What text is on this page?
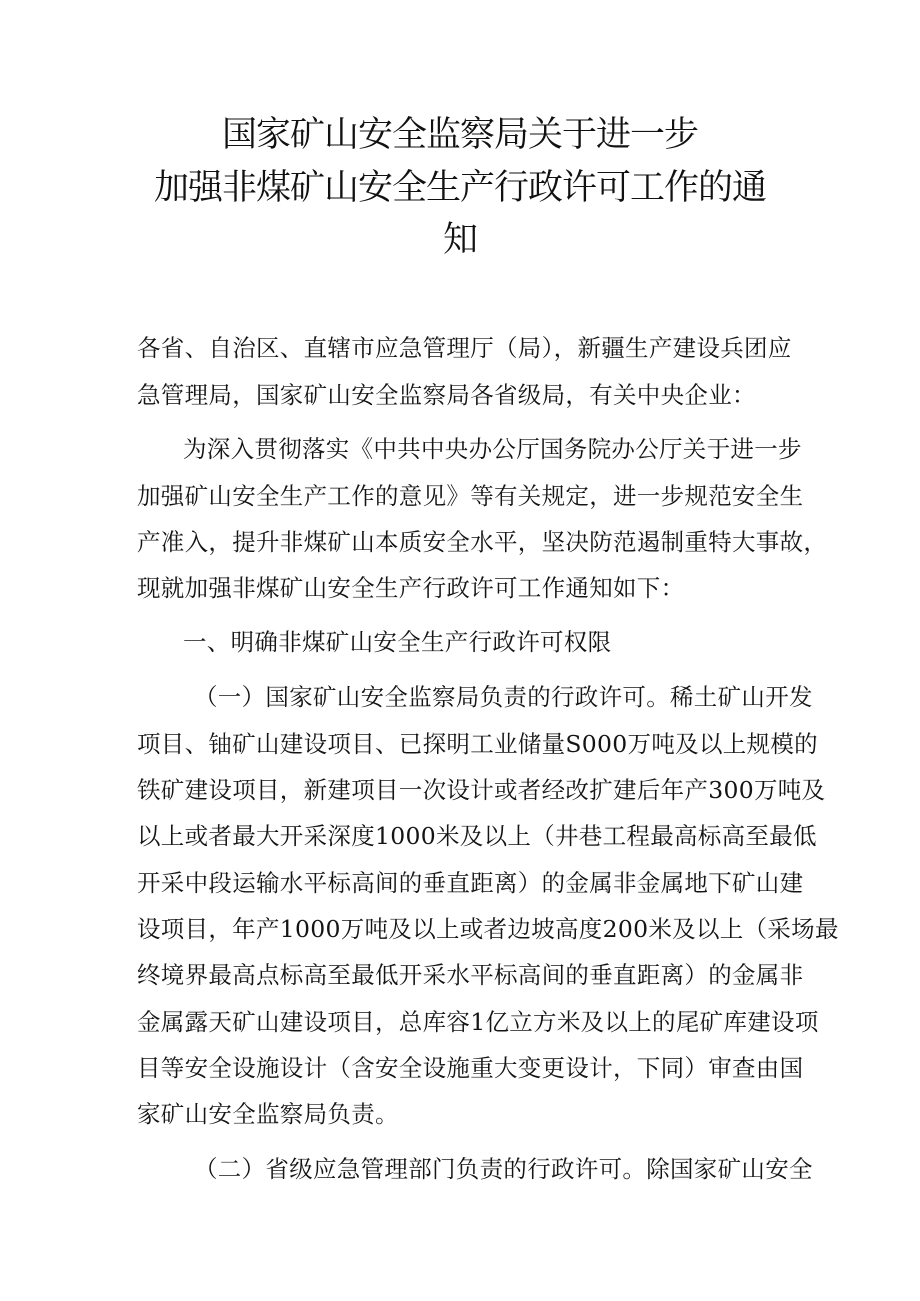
国家矿山安全监察局关于进一步
加强非煤矿山安全生产行政许可工作的通
知
各省、自治区、直辖市应急管理厅（局），新疆生产建设兵团应
急管理局，国家矿山安全监察局各省级局，有关中央企业：
为深入贯彻落实《中共中央办公厅国务院办公厅关于进一步
加强矿山安全生产工作的意见》等有关规定，进一步规范安全生
产准入，提升非煤矿山本质安全水平，坚决防范遏制重特大事故，
现就加强非煤矿山安全生产行政许可工作通知如下：
一、明确非煤矿山安全生产行政许可权限
（一）国家矿山安全监察局负责的行政许可。稀土矿山开发
项目、铀矿山建设项目、已探明工业储量S000万吨及以上规模的
铁矿建设项目，新建项目一次设计或者经改扩建后年产300万吨及
以上或者最大开采深度1000米及以上（井巷工程最高标高至最低
开采中段运输水平标高间的垂直距离）的金属非金属地下矿山建
设项目，年产1000万吨及以上或者边坡高度200米及以上（采场最
终境界最高点标高至最低开采水平标高间的垂直距离）的金属非
金属露天矿山建设项目，总库容1亿立方米及以上的尾矿库建设项
目等安全设施设计（含安全设施重大变更设计，下同）审查由国
家矿山安全监察局负责。
（二）省级应急管理部门负责的行政许可。除国家矿山安全
